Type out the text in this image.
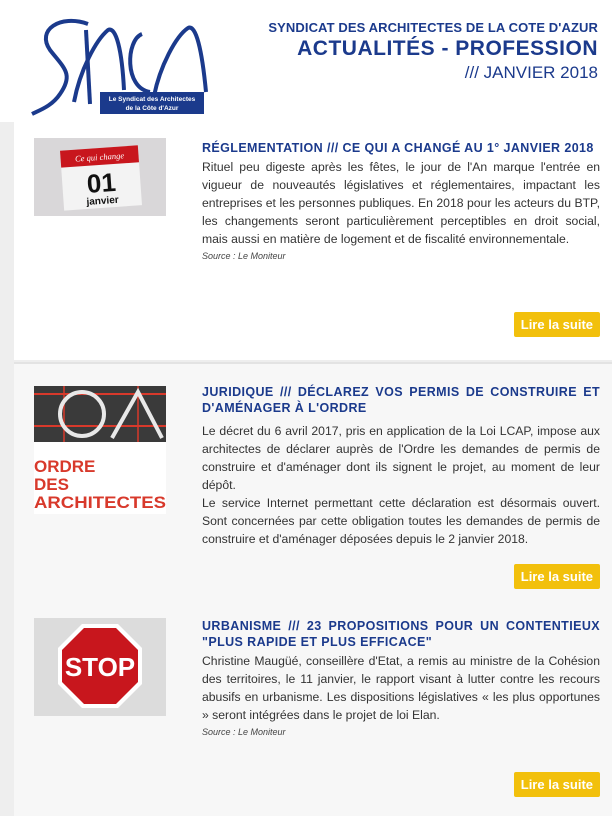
Le Syndicat des Architectes
de la Côte d'Azur
SYNDICAT DES ARCHITECTES DE LA COTE D'AZUR
ACTUALITÉS - PROFESSION
/// JANVIER 2018
Ce qui change
01
janvier

RÉGLEMENTATION /// CE QUI A CHANGÉ AU 1° JANVIER 2018

Rituel peu digeste après les fêtes, le jour de l'An marque l'entrée en vigueur de nouveautés législatives et réglementaires, impactant les entreprises et les personnes publiques. En 2018 pour les acteurs du BTP, les changements seront particulièrement perceptibles en droit social, mais aussi en matière de logement et de fiscalité environnementale.

Source : Le Moniteur
Lire la suite
ORDRE
DES
ARCHITECTES

JURIDIQUE /// DÉCLAREZ VOS PERMIS DE CONSTRUIRE ET D'AMÉNAGER À L'ORDRE

Le décret du 6 avril 2017, pris en application de la Loi LCAP, impose aux architectes de déclarer auprès de l'Ordre les demandes de permis de construire et d'aménager dont ils signent le projet, au moment de leur dépôt.

Le service Internet permettant cette déclaration est désormais ouvert. Sont concernées par cette obligation toutes les demandes de permis de construire et d'aménager déposées depuis le 2 janvier 2018.

Lire la suite
STOP

URBANISME /// 23 PROPOSITIONS POUR UN CONTENTIEUX "PLUS RAPIDE ET PLUS EFFICACE"

Christine Maugüé, conseillère d'Etat, a remis au ministre de la Cohésion des territoires, le 11 janvier, le rapport visant à lutter contre les recours abusifs en urbanisme. Les dispositions législatives « les plus opportunes » seront intégrées dans le projet de loi Elan.

Source : Le Moniteur
Lire la suite
